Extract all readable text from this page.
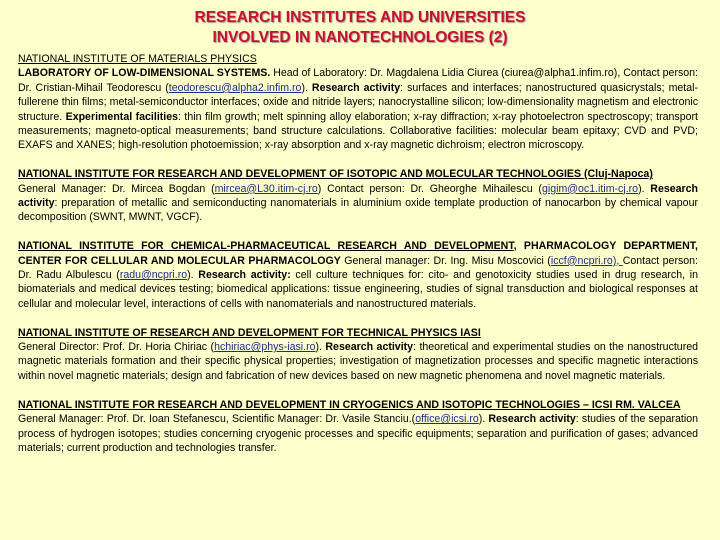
RESEARCH INSTITUTES AND UNIVERSITIES
INVOLVED IN NANOTECHNOLOGIES (2)
NATIONAL INSTITUTE OF MATERIALS PHYSICS
LABORATORY OF LOW-DIMENSIONAL SYSTEMS. Head of Laboratory: Dr. Magdalena Lidia Ciurea (ciurea@alpha1.infim.ro), Contact person: Dr. Cristian-Mihail Teodorescu (teodorescu@alpha2.infim.ro). Research activity: surfaces and interfaces; nanostructured quasicrystals; metal-fullerene thin films; metal-semiconductor interfaces; oxide and nitride layers; nanocrystalline silicon; low-dimensionality magnetism and electronic structure. Experimental facilities: thin film growth; melt spinning alloy elaboration; x-ray diffraction; x-ray photoelectron spectroscopy; transport measurements; magneto-optical measurements; band structure calculations. Collaborative facilities: molecular beam epitaxy; CVD and PVD; EXAFS and XANES; high-resolution photoemission; x-ray absorption and x-ray magnetic dichroism; electron microscopy.
NATIONAL INSTITUTE FOR RESEARCH AND DEVELOPMENT OF ISOTOPIC AND MOLECULAR TECHNOLOGIES (Cluj-Napoca)
General Manager: Dr. Mircea Bogdan (mircea@L30.itim-cj.ro) Contact person: Dr. Gheorghe Mihailescu (gigim@oc1.itim-cj.ro). Research activity: preparation of metallic and semiconducting nanomaterials in aluminium oxide template production of nanocarbon by chemical vapour decomposition (SWNT, MWNT, VGCF).
NATIONAL INSTITUTE FOR CHEMICAL-PHARMACEUTICAL RESEARCH AND DEVELOPMENT, PHARMACOLOGY DEPARTMENT, CENTER FOR CELLULAR AND MOLECULAR PHARMACOLOGY General manager: Dr. Ing. Misu Moscovici (iccf@ncpri.ro), Contact person: Dr. Radu Albulescu (radu@ncpri.ro). Research activity: cell culture techniques for: cito- and genotoxicity studies used in drug research, in biomaterials and medical devices testing; biomedical applications: tissue engineering, studies of signal transduction and biological responses at cellular and molecular level, interactions of cells with nanomaterials and nanostructured materials.
NATIONAL INSTITUTE OF RESEARCH AND DEVELOPMENT FOR TECHNICAL PHYSICS IASI
General Director: Prof. Dr. Horia Chiriac (hchiriac@phys-iasi.ro). Research activity: theoretical and experimental studies on the nanostructured magnetic materials formation and their specific physical properties; investigation of magnetization processes and specific magnetic interactions within novel magnetic materials; design and fabrication of new devices based on new magnetic phenomena and novel magnetic materials.
NATIONAL INSTITUTE FOR RESEARCH AND DEVELOPMENT IN CRYOGENICS AND ISOTOPIC TECHNOLOGIES – ICSI RM. VALCEA
General Manager: Prof. Dr. Ioan Stefanescu, Scientific Manager: Dr. Vasile Stanciu.(office@icsi.ro). Research activity: studies of the separation process of hydrogen isotopes; studies concerning cryogenic processes and specific equipments; separation and purification of gases; advanced materials; current production and technologies transfer.
